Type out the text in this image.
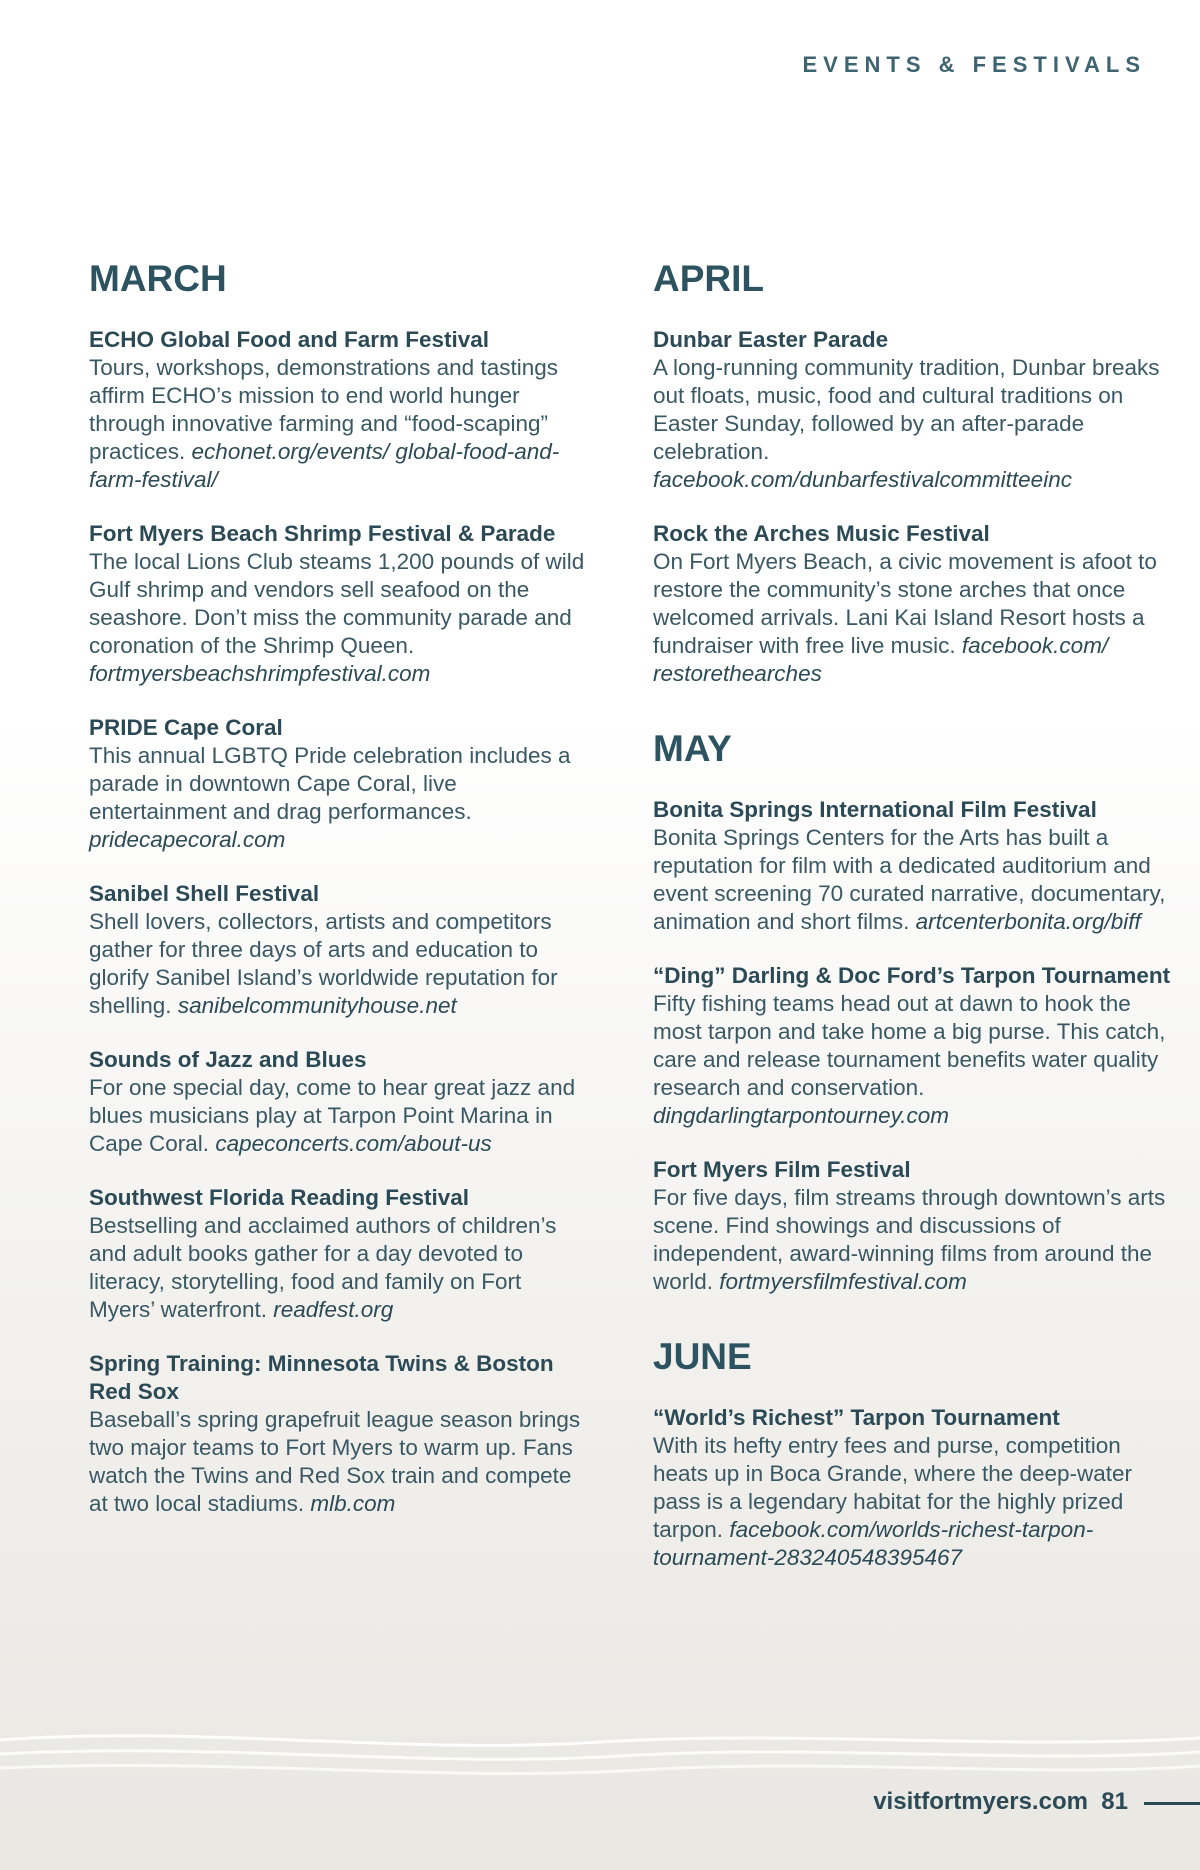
EVENTS & FESTIVALS
MARCH
ECHO Global Food and Farm Festival
Tours, workshops, demonstrations and tastings affirm ECHO’s mission to end world hunger through innovative farming and “food-scaping” practices. echonet.org/events/ global-food-and-farm-festival/
Fort Myers Beach Shrimp Festival & Parade
The local Lions Club steams 1,200 pounds of wild Gulf shrimp and vendors sell seafood on the seashore. Don’t miss the community parade and coronation of the Shrimp Queen. fortmyersbeachshrimpfestival.com
PRIDE Cape Coral
This annual LGBTQ Pride celebration includes a parade in downtown Cape Coral, live entertainment and drag performances. pridecapecoral.com
Sanibel Shell Festival
Shell lovers, collectors, artists and competitors gather for three days of arts and education to glorify Sanibel Island’s worldwide reputation for shelling. sanibelcommunityhouse.net
Sounds of Jazz and Blues
For one special day, come to hear great jazz and blues musicians play at Tarpon Point Marina in Cape Coral. capeconcerts.com/about-us
Southwest Florida Reading Festival
Bestselling and acclaimed authors of children’s and adult books gather for a day devoted to literacy, storytelling, food and family on Fort Myers’ waterfront. readfest.org
Spring Training: Minnesota Twins & Boston Red Sox
Baseball’s spring grapefruit league season brings two major teams to Fort Myers to warm up. Fans watch the Twins and Red Sox train and compete at two local stadiums. mlb.com
APRIL
Dunbar Easter Parade
A long-running community tradition, Dunbar breaks out floats, music, food and cultural traditions on Easter Sunday, followed by an after-parade celebration. facebook.com/dunbarfestivalcommitteeinc
Rock the Arches Music Festival
On Fort Myers Beach, a civic movement is afoot to restore the community’s stone arches that once welcomed arrivals. Lani Kai Island Resort hosts a fundraiser with free live music. facebook.com/ restorethearches
MAY
Bonita Springs International Film Festival
Bonita Springs Centers for the Arts has built a reputation for film with a dedicated auditorium and event screening 70 curated narrative, documentary, animation and short films. artcenterbonita.org/biff
“Ding” Darling & Doc Ford’s Tarpon Tournament
Fifty fishing teams head out at dawn to hook the most tarpon and take home a big purse. This catch, care and release tournament benefits water quality research and conservation. dingdarlingtarpontourney.com
Fort Myers Film Festival
For five days, film streams through downtown’s arts scene. Find showings and discussions of independent, award-winning films from around the world. fortmyersfilmfestival.com
JUNE
“World’s Richest” Tarpon Tournament
With its hefty entry fees and purse, competition heats up in Boca Grande, where the deep-water pass is a legendary habitat for the highly prized tarpon. facebook.com/worlds-richest-tarpon-tournament-283240548395467
visitfortmyers.com 81
